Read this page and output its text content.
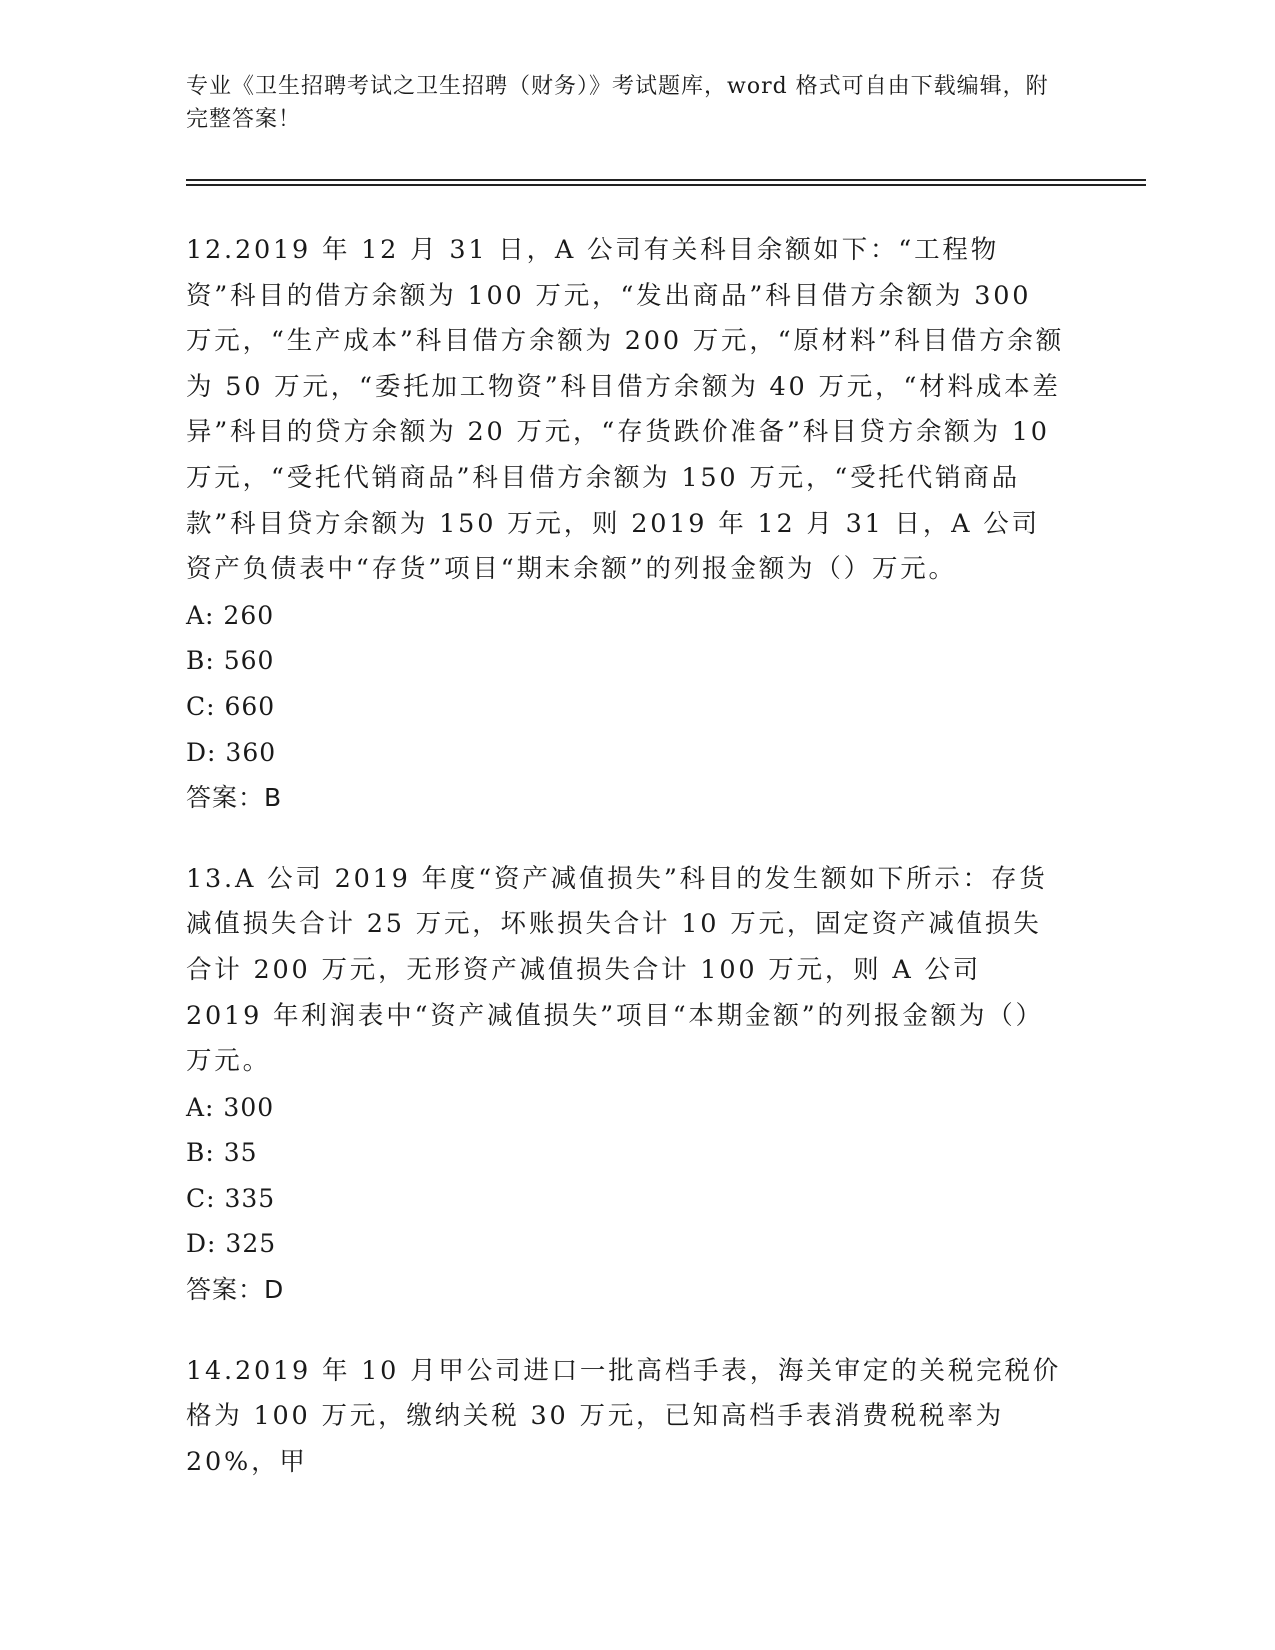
专业《卫生招聘考试之卫生招聘（财务）》考试题库，word 格式可自由下载编辑，附完整答案！

12.2019 年 12 月 31 日，A 公司有关科目余额如下：“工程物资”科目的借方余额为 100 万元，“发出商品”科目借方余额为 300 万元，“生产成本”科目借方余额为 200 万元，“原材料”科目借方余额为 50 万元，“委托加工物资”科目借方余额为 40 万元，“材料成本差异”科目的贷方余额为 20 万元，“存货跌价准备”科目贷方余额为 10 万元，“受托代销商品”科目借方余额为 150 万元，“受托代销商品款”科目贷方余额为 150 万元，则 2019 年 12 月 31 日，A 公司资产负债表中“存货”项目“期末余额”的列报金额为（）万元。

A: 260
B: 560
C: 660
D: 360
答案：B

13.A 公司 2019 年度“资产减值损失”科目的发生额如下所示：存货减值损失合计 25 万元，坏账损失合计 10 万元，固定资产减值损失合计 200 万元，无形资产减值损失合计 100 万元，则 A 公司 2019 年利润表中“资产减值损失”项目“本期金额”的列报金额为（）万元。

A: 300
B: 35
C: 335
D: 325
答案：D

14.2019 年 10 月甲公司进口一批高档手表，海关审定的关税完税价格为 100 万元，缴纳关税 30 万元，已知高档手表消费税税率为 20%，甲
